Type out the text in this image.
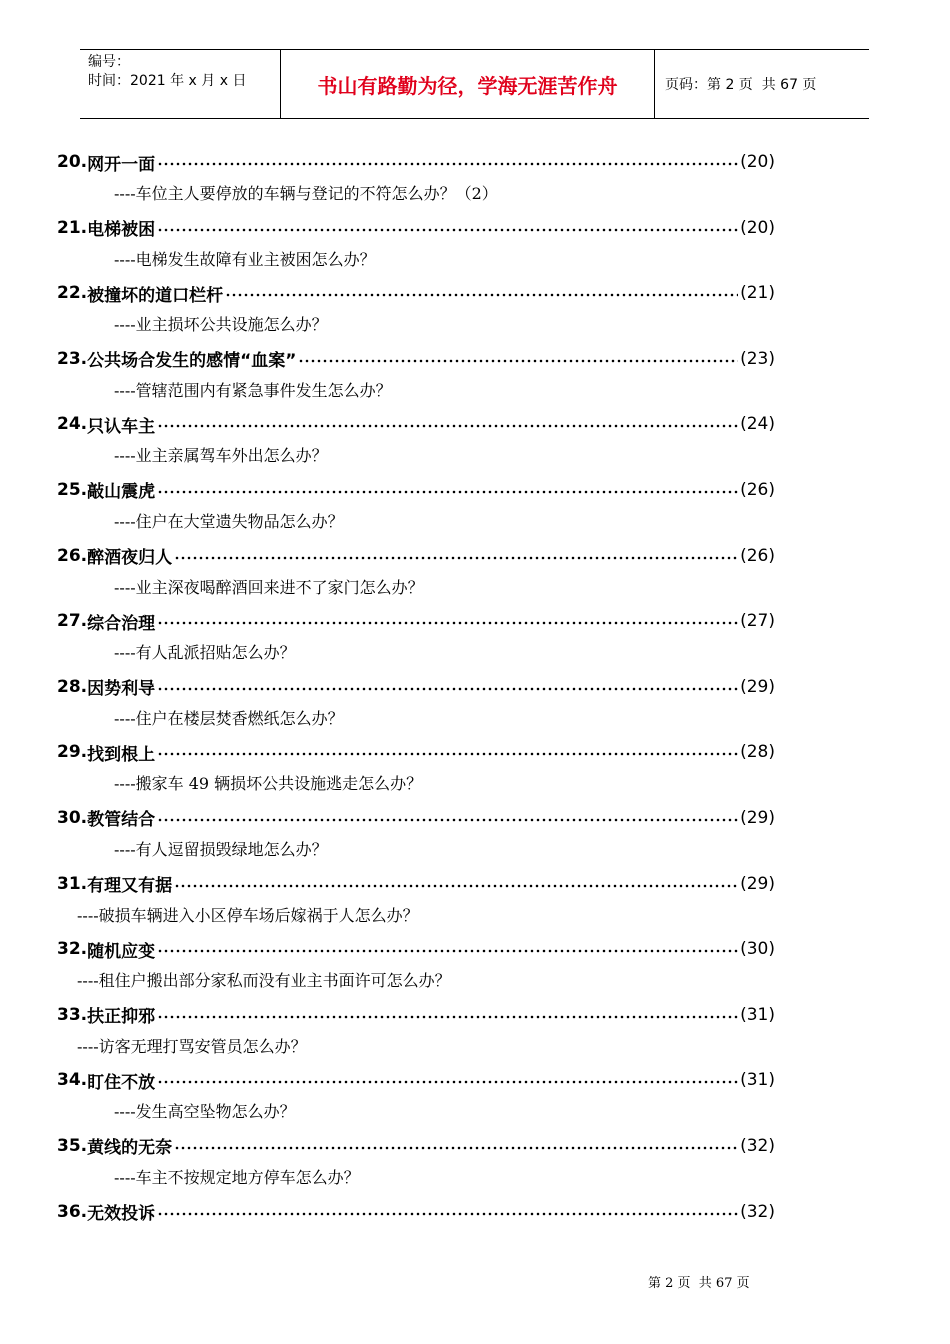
编号：
时间：2021 年 x 月 x 日	书山有路勤为径，学海无涯苦作舟	页码：第 2 页  共 67 页
20. 网开一面	(20)
----车位主人要停放的车辆与登记的不符怎么办？（2）
21. 电梯被困	(20)
----电梯发生故障有业主被困怎么办？
22. 被撞坏的道口栏杆	(21)
----业主损坏公共设施怎么办？
23. 公共场合发生的感情“血案”	(23)
----管辖范围内有紧急事件发生怎么办？
24. 只认车主	(24)
----业主亲属驾车外出怎么办？
25. 敲山震虎	(26)
----住户在大堂遗失物品怎么办？
26. 醉酒夜归人	(26)
----业主深夜喝醉酒回来进不了家门怎么办？
27. 综合治理	(27)
----有人乱派招贴怎么办？
28. 因势利导	(29)
----住户在楼层焚香燃纸怎么办？
29. 找到根上	(28)
----搬家车 49 辆损坏公共设施逃走怎么办？
30. 教管结合	(29)
----有人逗留损毁绿地怎么办？
31. 有理又有据	(29)
----破损车辆进入小区停车场后嫁祸于人怎么办？
32. 随机应变	(30)
----租住户搬出部分家私而没有业主书面许可怎么办？
33. 扶正抑邪	(31)
----访客无理打骂安管员怎么办？
34. 盯住不放	(31)
----发生高空坠物怎么办？
35. 黄线的无奈	(32)
----车主不按规定地方停车怎么办？
36. 无效投诉	(32)
第 2 页  共 67 页
